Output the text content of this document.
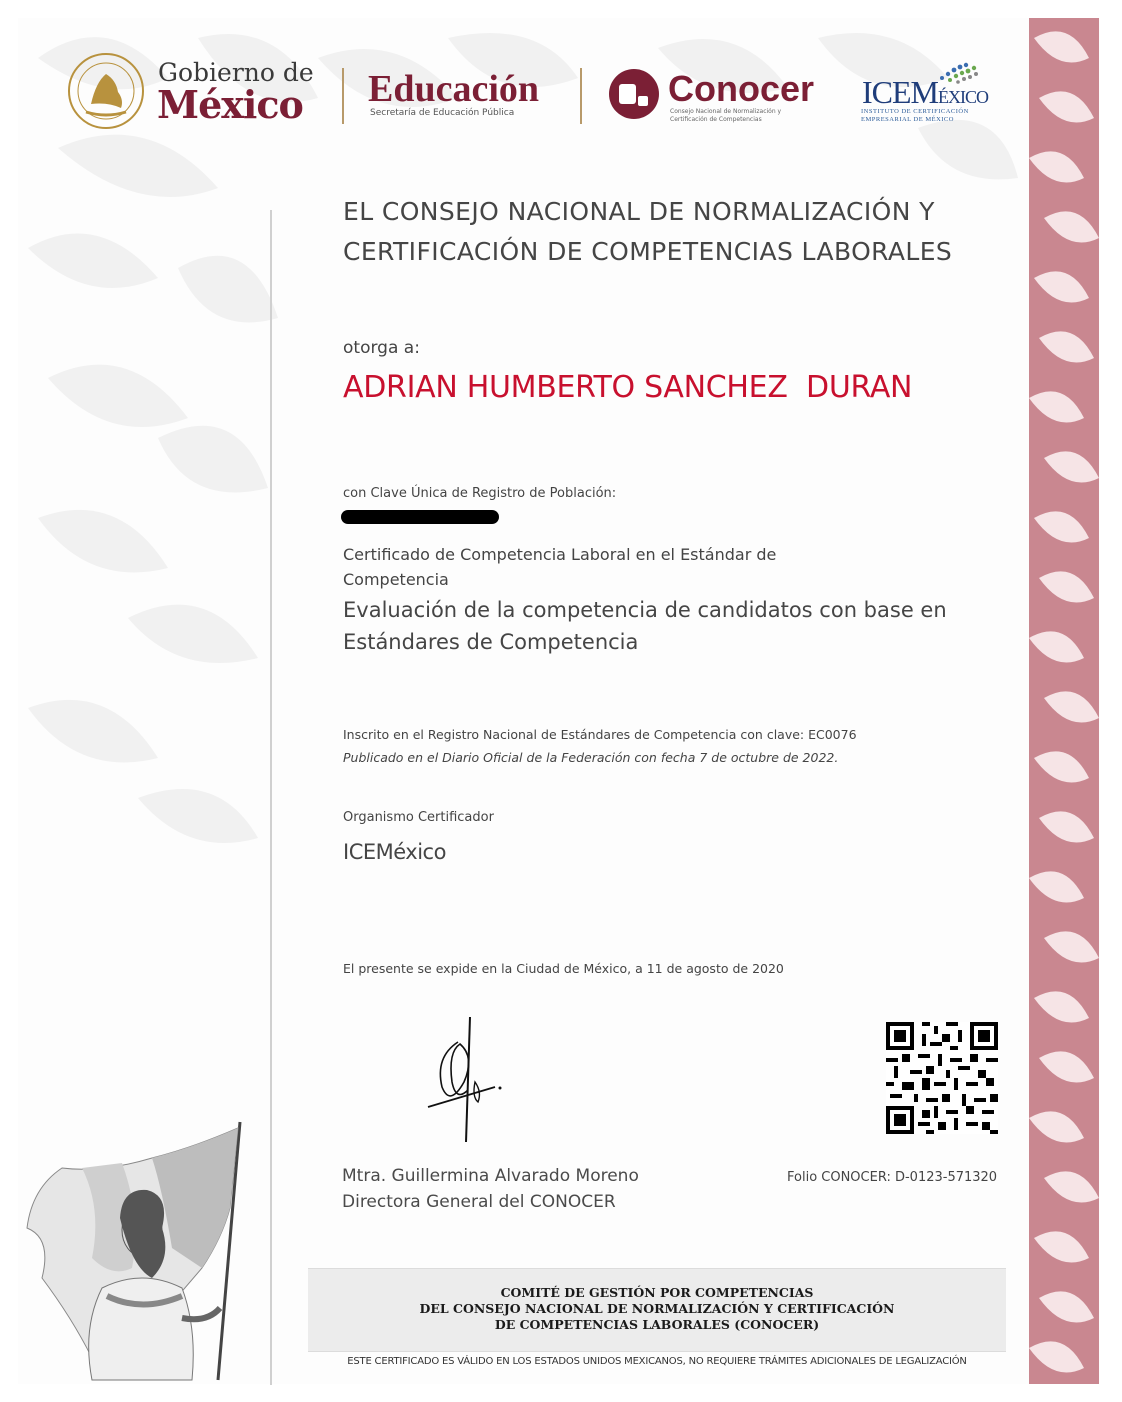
Gobierno de
México Educación
Secretaría de Educación Pública
Conocer
Consejo Nacional de Normalización y Certificación de Competencias
ICEMÉXICO
INSTITUTO DE CERTIFICACIÓN EMPRESARIAL DE MÉXICO
EL CONSEJO NACIONAL DE NORMALIZACIÓN Y CERTIFICACIÓN DE COMPETENCIAS LABORALES
otorga a:
ADRIAN HUMBERTO SANCHEZ  DURAN
con Clave Única de Registro de Población:
Certificado de Competencia Laboral en el Estándar de Competencia
Evaluación de la competencia de candidatos con base en Estándares de Competencia
Inscrito en el Registro Nacional de Estándares de Competencia con clave: EC0076
Publicado en el Diario Oficial de la Federación con fecha 7 de octubre de 2022.
Organismo Certificador
ICEMéxico
El presente se expide en la Ciudad de México, a 11 de agosto de 2020
Mtra. Guillermina Alvarado Moreno
Directora General del CONOCER
Folio CONOCER: D-0123-571320
COMITÉ DE GESTIÓN POR COMPETENCIAS
DEL CONSEJO NACIONAL DE NORMALIZACIÓN Y CERTIFICACIÓN
DE COMPETENCIAS LABORALES (CONOCER)
ESTE CERTIFICADO ES VÁLIDO EN LOS ESTADOS UNIDOS MEXICANOS, NO REQUIERE TRÁMITES ADICIONALES DE LEGALIZACIÓN
